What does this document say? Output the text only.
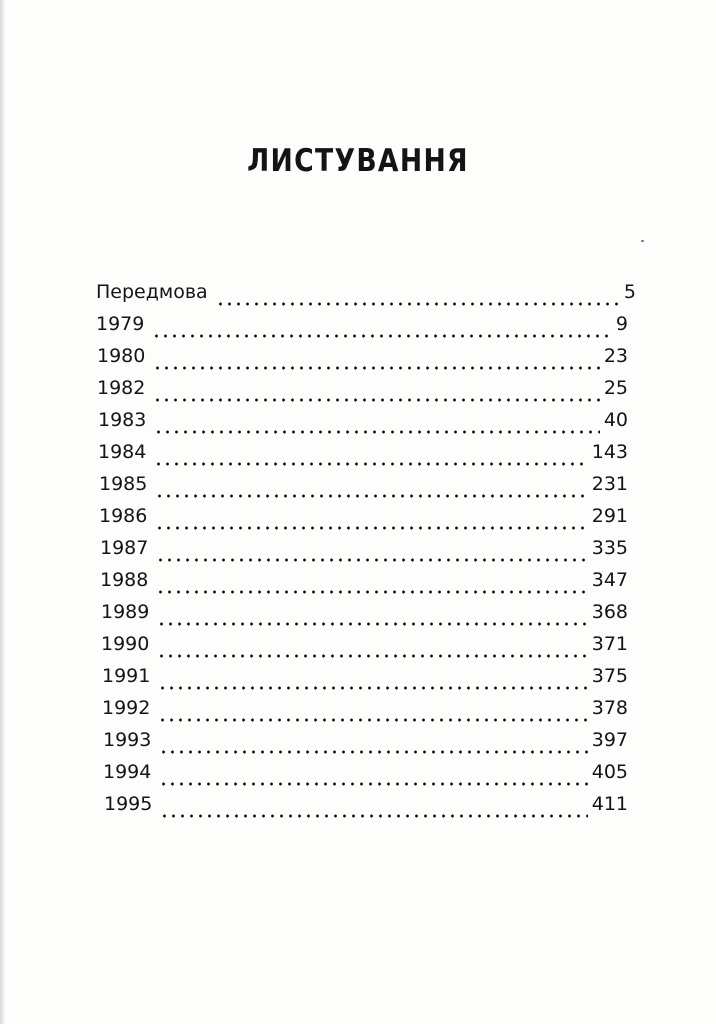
ЛИСТУВАННЯ
Передмова	5
1979	9
1980	23
1982	25
1983	40
1984	143
1985	231
1986	291
1987	335
1988	347
1989	368
1990	371
1991	375
1992	378
1993	397
1994	405
1995	411
